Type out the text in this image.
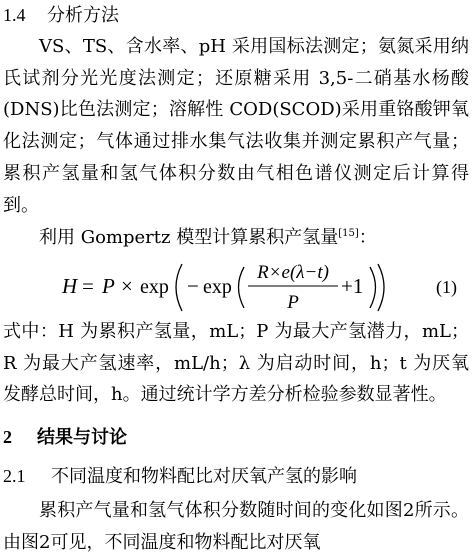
1.4 分析方法
VS、TS、含水率、pH 采用国标法测定；氨氮采用纳氏试剂分光光度法测定；还原糖采用 3,5-二硝基水杨酸(DNS)比色法测定；溶解性 COD(SCOD)采用重铬酸钾氧化法测定；气体通过排水集气法收集并测定累积产气量；累积产氢量和氢气体积分数由气相色谱仪测定后计算得到。
利用 Gompertz 模型计算累积产氢量[15]：
H = P × exp − exp
R×e(λ−t)
P
+1	(1)
式中：H 为累积产氢量，mL；P 为最大产氢潜力，mL；R 为最大产氢速率，mL/h；λ 为启动时间，h；t 为厌氧发酵总时间，h。通过统计学方差分析检验参数显著性。
2 结果与讨论
2.1 不同温度和物料配比对厌氧产氢的影响
累积产气量和氢气体积分数随时间的变化如图2所示。由图2可见，不同温度和物料配比对厌氧
